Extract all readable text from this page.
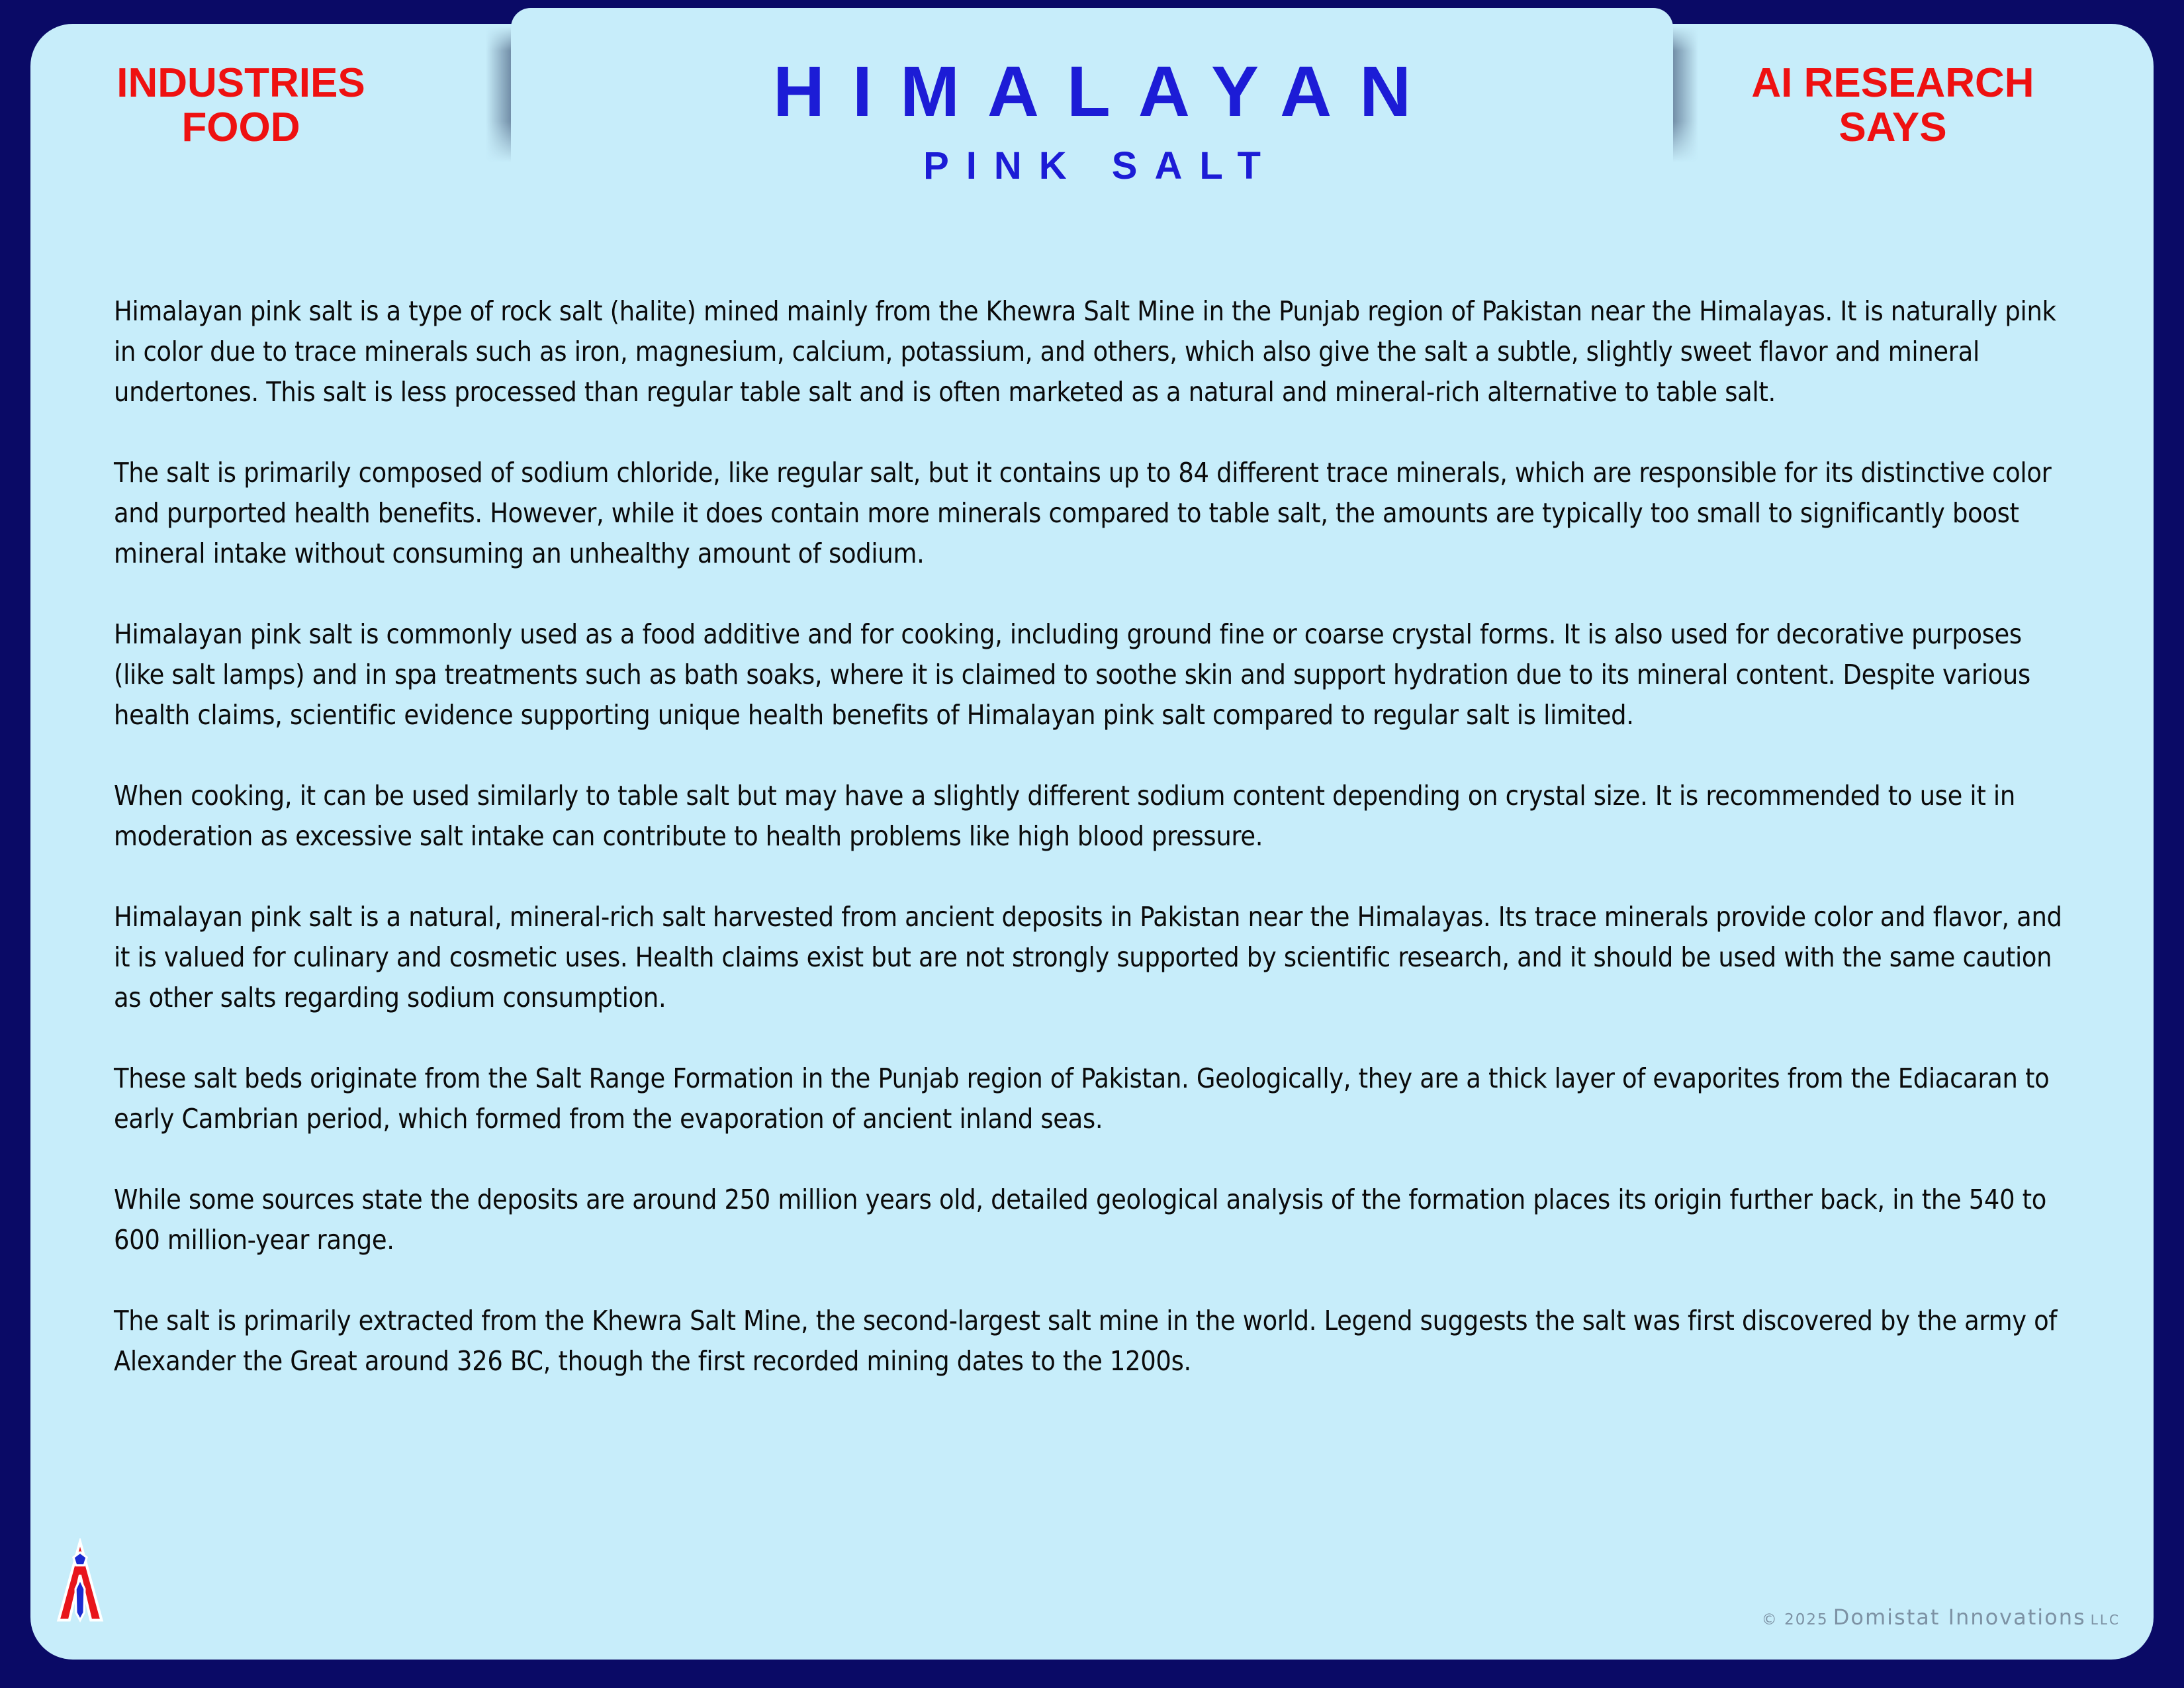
INDUSTRIES
FOOD	HIMALAYAN
PINK SALT
AI RESEARCH
SAYS

Himalayan pink salt is a type of rock salt (halite) mined mainly from the Khewra Salt Mine in the Punjab region of Pakistan near the Himalayas. It is naturally pink in color due to trace minerals such as iron, magnesium, calcium, potassium, and others, which also give the salt a subtle, slightly sweet flavor and mineral undertones. This salt is less processed than regular table salt and is often marketed as a natural and mineral-rich alternative to table salt.

The salt is primarily composed of sodium chloride, like regular salt, but it contains up to 84 different trace minerals, which are responsible for its distinctive color and purported health benefits. However, while it does contain more minerals compared to table salt, the amounts are typically too small to significantly boost mineral intake without consuming an unhealthy amount of sodium.

Himalayan pink salt is commonly used as a food additive and for cooking, including ground fine or coarse crystal forms. It is also used for decorative purposes (like salt lamps) and in spa treatments such as bath soaks, where it is claimed to soothe skin and support hydration due to its mineral content. Despite various health claims, scientific evidence supporting unique health benefits of Himalayan pink salt compared to regular salt is limited.

When cooking, it can be used similarly to table salt but may have a slightly different sodium content depending on crystal size. It is recommended to use it in moderation as excessive salt intake can contribute to health problems like high blood pressure.

Himalayan pink salt is a natural, mineral-rich salt harvested from ancient deposits in Pakistan near the Himalayas. Its trace minerals provide color and flavor, and it is valued for culinary and cosmetic uses. Health claims exist but are not strongly supported by scientific research, and it should be used with the same caution as other salts regarding sodium consumption.

These salt beds originate from the Salt Range Formation in the Punjab region of Pakistan. Geologically, they are a thick layer of evaporites from the Ediacaran to early Cambrian period, which formed from the evaporation of ancient inland seas.

While some sources state the deposits are around 250 million years old, detailed geological analysis of the formation places its origin further back, in the 540 to 600 million-year range.

The salt is primarily extracted from the Khewra Salt Mine, the second-largest salt mine in the world. Legend suggests the salt was first discovered by the army of Alexander the Great around 326 BC, though the first recorded mining dates to the 1200s.

© 2025 Domistat Innovations LLC
